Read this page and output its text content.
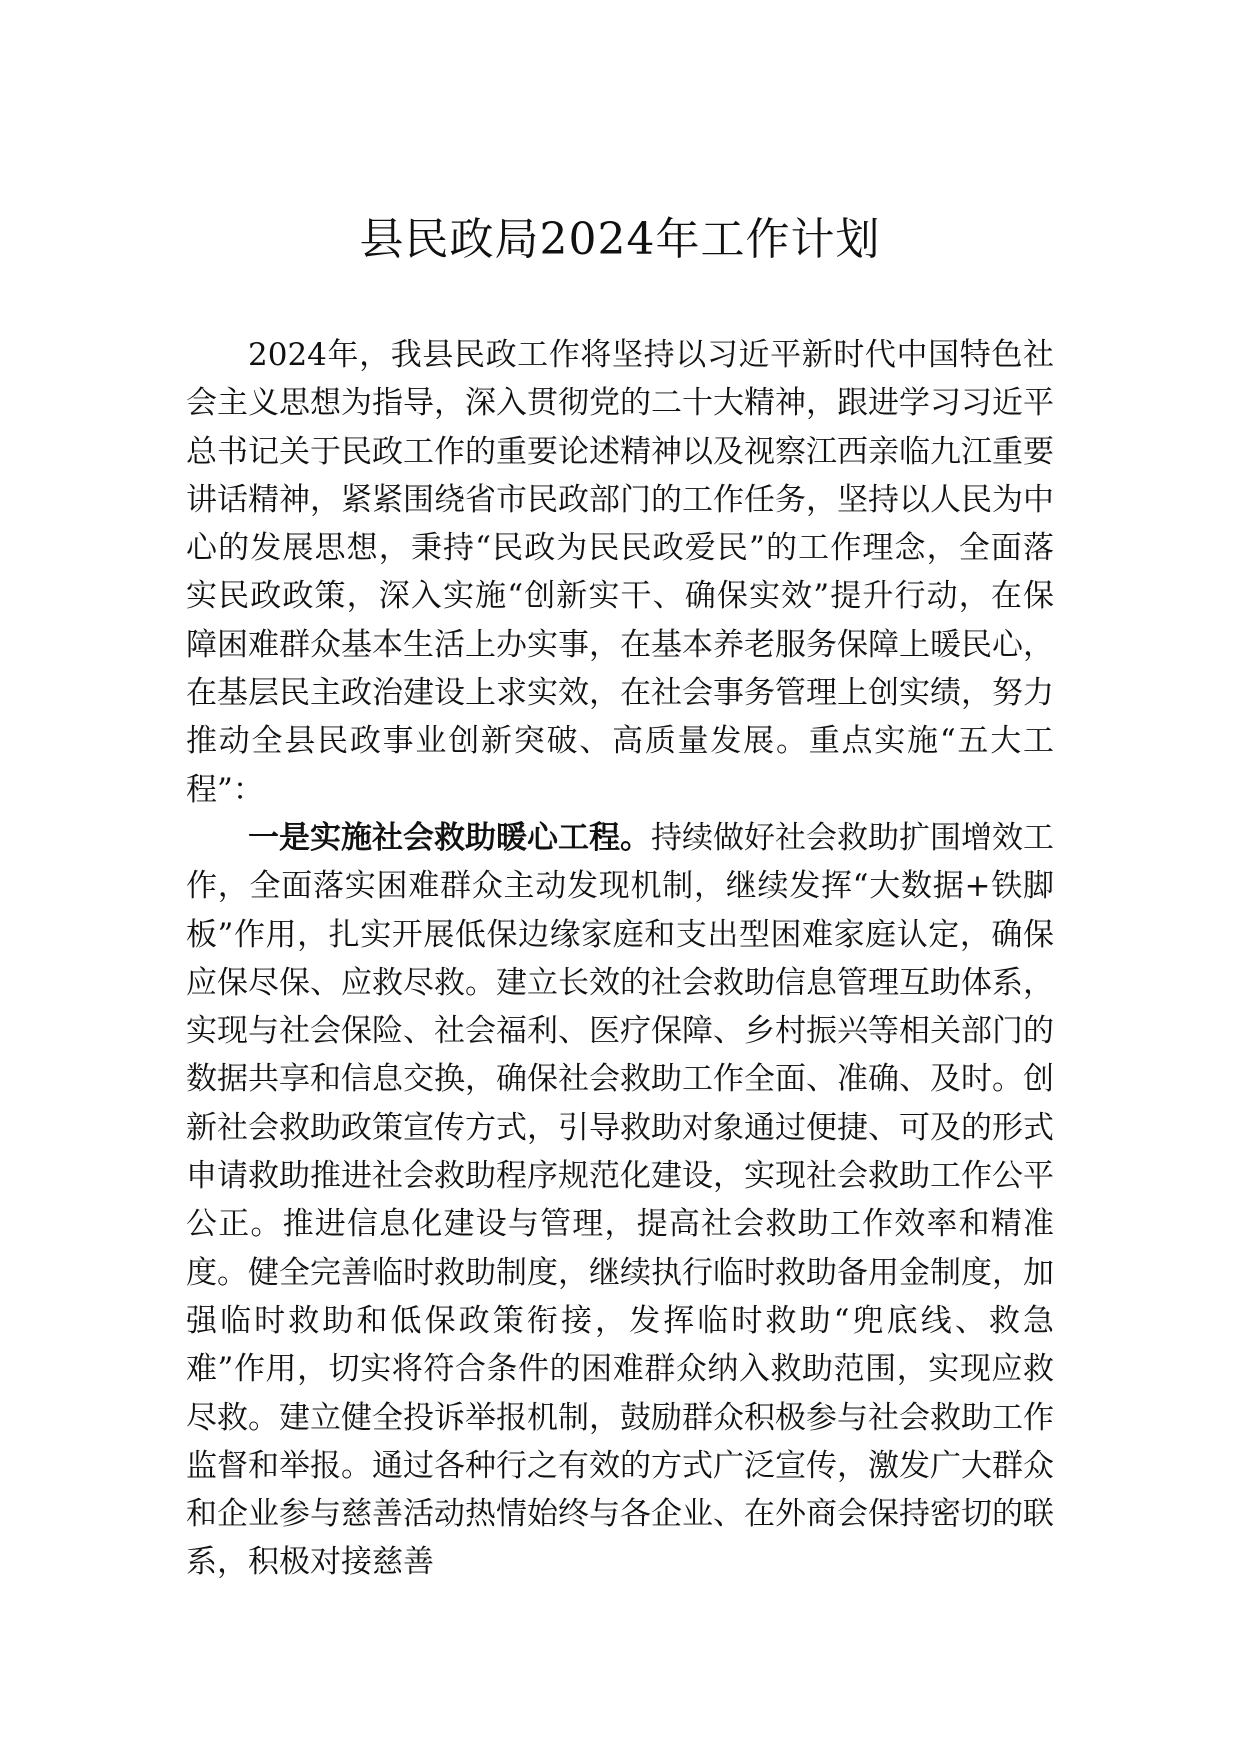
县民政局2024年工作计划

2024年，我县民政工作将坚持以习近平新时代中国特色社会主义思想为指导，深入贯彻党的二十大精神，跟进学习习近平总书记关于民政工作的重要论述精神以及视察江西亲临九江重要讲话精神，紧紧围绕省市民政部门的工作任务，坚持以人民为中心的发展思想，秉持“民政为民民政爱民”的工作理念，全面落实民政政策，深入实施“创新实干、确保实效”提升行动，在保障困难群众基本生活上办实事，在基本养老服务保障上暖民心，在基层民主政治建设上求实效，在社会事务管理上创实绩，努力推动全县民政事业创新突破、高质量发展。重点实施“五大工程”：

一是实施社会救助暖心工程。持续做好社会救助扩围增效工作，全面落实困难群众主动发现机制，继续发挥“大数据+铁脚板”作用，扎实开展低保边缘家庭和支出型困难家庭认定，确保应保尽保、应救尽救。建立长效的社会救助信息管理互助体系，实现与社会保险、社会福利、医疗保障、乡村振兴等相关部门的数据共享和信息交换，确保社会救助工作全面、准确、及时。创新社会救助政策宣传方式，引导救助对象通过便捷、可及的形式申请救助推进社会救助程序规范化建设，实现社会救助工作公平公正。推进信息化建设与管理，提高社会救助工作效率和精准度。健全完善临时救助制度，继续执行临时救助备用金制度，加强临时救助和低保政策衔接，发挥临时救助“兜底线、救急难”作用，切实将符合条件的困难群众纳入救助范围，实现应救尽救。建立健全投诉举报机制，鼓励群众积极参与社会救助工作监督和举报。通过各种行之有效的方式广泛宣传，激发广大群众和企业参与慈善活动热情始终与各企业、在外商会保持密切的联系，积极对接慈善
